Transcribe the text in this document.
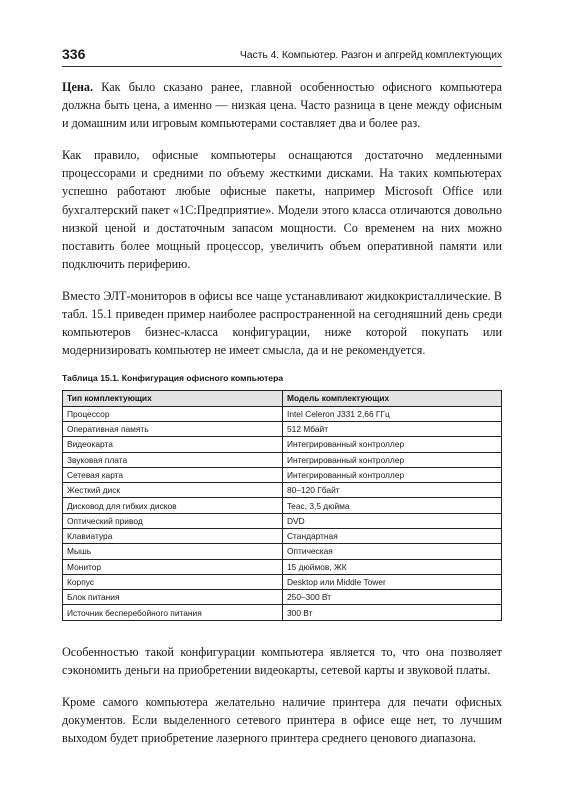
336	Часть 4. Компьютер. Разгон и апгрейд комплектующих

Цена. Как было сказано ранее, главной особенностью офисного компьютера должна быть цена, а именно — низкая цена. Часто разница в цене между офисным и домашним или игровым компьютерами составляет два и более раз.

Как правило, офисные компьютеры оснащаются достаточно медленными процессорами и средними по объему жесткими дисками. На таких компьютерах успешно работают любые офисные пакеты, например Microsoft Office или бухгалтерский пакет «1С:Предприятие». Модели этого класса отличаются довольно низкой ценой и достаточным запасом мощности. Со временем на них можно поставить более мощный процессор, увеличить объем оперативной памяти или подключить периферию.

Вместо ЭЛТ-мониторов в офисы все чаще устанавливают жидкокристаллические. В табл. 15.1 приведен пример наиболее распространенной на сегодняшний день среди компьютеров бизнес-класса конфигурации, ниже которой покупать или модернизировать компьютер не имеет смысла, да и не рекомендуется.

Таблица 15.1. Конфигурация офисного компьютера
Тип комплектующих	Модель комплектующих
Процессор	Intel Celeron J331 2,66 ГГц
Оперативная память	512 Мбайт
Видеокарта	Интегрированный контроллер
Звуковая плата	Интегрированный контроллер
Сетевая карта	Интегрированный контроллер
Жесткий диск	80–120 Гбайт
Дисковод для гибких дисков	Teac, 3,5 дюйма
Оптический привод	DVD
Клавиатура	Стандартная
Мышь	Оптическая
Монитор	15 дюймов, ЖК
Корпус	Desktop или Middle Tower
Блок питания	250–300 Вт
Источник бесперебойного питания	300 Вт

Особенностью такой конфигурации компьютера является то, что она позволяет сэкономить деньги на приобретении видеокарты, сетевой карты и звуковой платы.

Кроме самого компьютера желательно наличие принтера для печати офисных документов. Если выделенного сетевого принтера в офисе еще нет, то лучшим выходом будет приобретение лазерного принтера среднего ценового диапазона.
